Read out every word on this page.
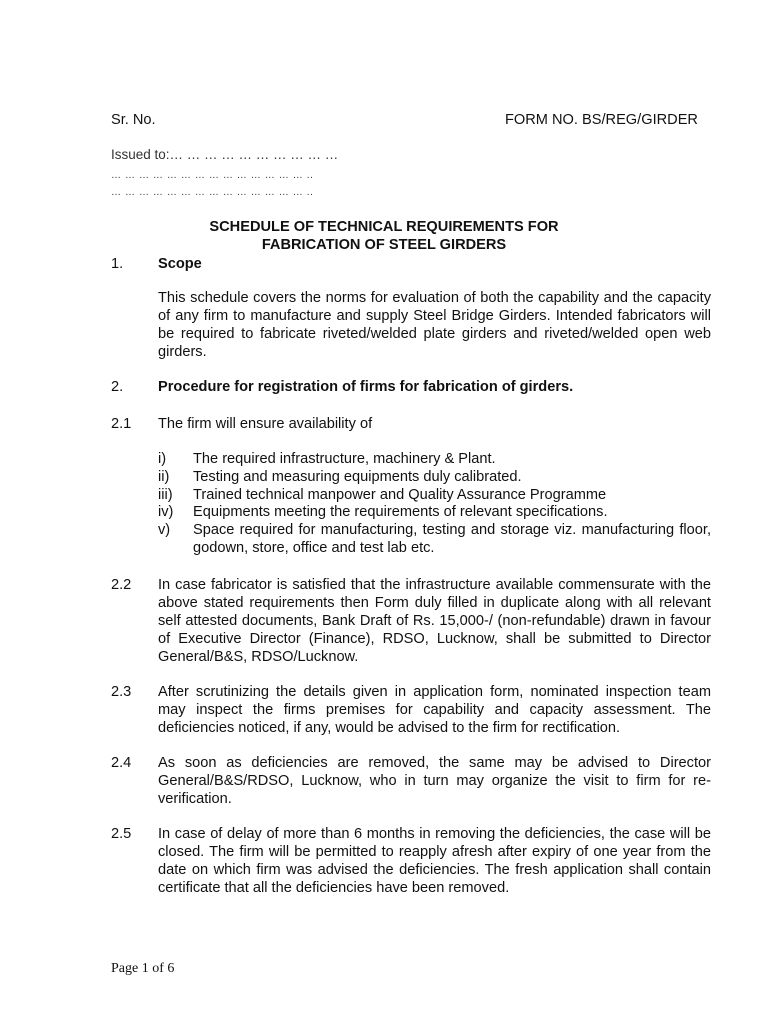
Sr. No.	FORM NO. BS/REG/GIRDER
Issued to:… … … … … … … … … …
… … … … … … … … … … … … … … ..
… … … … … … … … … … … … … … ..
SCHEDULE OF TECHNICAL REQUIREMENTS FOR
FABRICATION OF STEEL GIRDERS
1. Scope

This schedule covers the norms for evaluation of both the capability and the capacity of any firm to manufacture and supply Steel Bridge Girders. Intended fabricators will be required to fabricate riveted/welded plate girders and riveted/welded open web girders.

2. Procedure for registration of firms for fabrication of girders.
2.1 The firm will ensure availability of
i) The required infrastructure, machinery & Plant.
ii) Testing and measuring equipments duly calibrated.
iii) Trained technical manpower and Quality Assurance Programme
iv) Equipments meeting the requirements of relevant specifications.
v) Space required for manufacturing, testing and storage viz. manufacturing floor, godown, store, office and test lab etc.
2.2 In case fabricator is satisfied that the infrastructure available commensurate with the above stated requirements then Form duly filled in duplicate along with all relevant self attested documents, Bank Draft of Rs. 15,000-/ (non-refundable) drawn in favour of Executive Director (Finance), RDSO, Lucknow, shall be submitted to Director General/B&S, RDSO/Lucknow.

2.3 After scrutinizing the details given in application form, nominated inspection team may inspect the firms premises for capability and capacity assessment. The deficiencies noticed, if any, would be advised to the firm for rectification.

2.4 As soon as deficiencies are removed, the same may be advised to Director General/B&S/RDSO, Lucknow, who in turn may organize the visit to firm for re-verification.

2.5 In case of delay of more than 6 months in removing the deficiencies, the case will be closed. The firm will be permitted to reapply afresh after expiry of one year from the date on which firm was advised the deficiencies. The fresh application shall contain certificate that all the deficiencies have been removed.

Page 1 of 6
